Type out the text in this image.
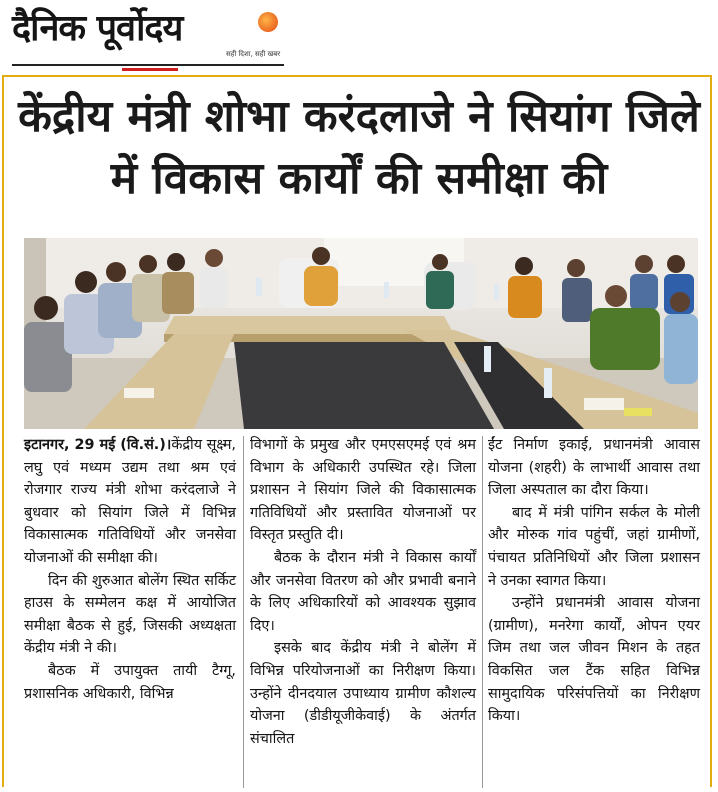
दैनिक पूर्वोदय
सही दिशा, सही खबर
केंद्रीय मंत्री शोभा करंदलाजे ने सियांग जिले में विकास कार्यों की समीक्षा की

इटानगर, 29 मई (वि.सं.)।केंद्रीय सूक्ष्म, लघु एवं मध्यम उद्यम तथा श्रम एवं रोजगार राज्य मंत्री शोभा करंदलाजे ने बुधवार को सियांग जिले में विभिन्न विकासात्मक गतिविधियों और जनसेवा योजनाओं की समीक्षा की।

दिन की शुरुआत बोलेंग स्थित सर्किट हाउस के सम्मेलन कक्ष में आयोजित समीक्षा बैठक से हुई, जिसकी अध्यक्षता केंद्रीय मंत्री ने की।

बैठक में उपायुक्त तायी टैग्गू, प्रशासनिक अधिकारी, विभिन्न

विभागों के प्रमुख और एमएसएमई एवं श्रम विभाग के अधिकारी उपस्थित रहे। जिला प्रशासन ने सियांग जिले की विकासात्मक गतिविधियों और प्रस्तावित योजनाओं पर विस्तृत प्रस्तुति दी।

बैठक के दौरान मंत्री ने विकास कार्यों और जनसेवा वितरण को और प्रभावी बनाने के लिए अधिकारियों को आवश्यक सुझाव दिए।

इसके बाद केंद्रीय मंत्री ने बोलेंग में विभिन्न परियोजनाओं का निरीक्षण किया। उन्होंने दीनदयाल उपाध्याय ग्रामीण कौशल्य योजना (डीडीयूजीकेवाई) के अंतर्गत संचालित

ईंट निर्माण इकाई, प्रधानमंत्री आवास योजना (शहरी) के लाभार्थी आवास तथा जिला अस्पताल का दौरा किया।

बाद में मंत्री पांगिन सर्कल के मोली और मोरुक गांव पहुंचीं, जहां ग्रामीणों, पंचायत प्रतिनिधियों और जिला प्रशासन ने उनका स्वागत किया।

उन्होंने प्रधानमंत्री आवास योजना (ग्रामीण), मनरेगा कार्यों, ओपन एयर जिम तथा जल जीवन मिशन के तहत विकसित जल टैंक सहित विभिन्न सामुदायिक परिसंपत्तियों का निरीक्षण किया।
